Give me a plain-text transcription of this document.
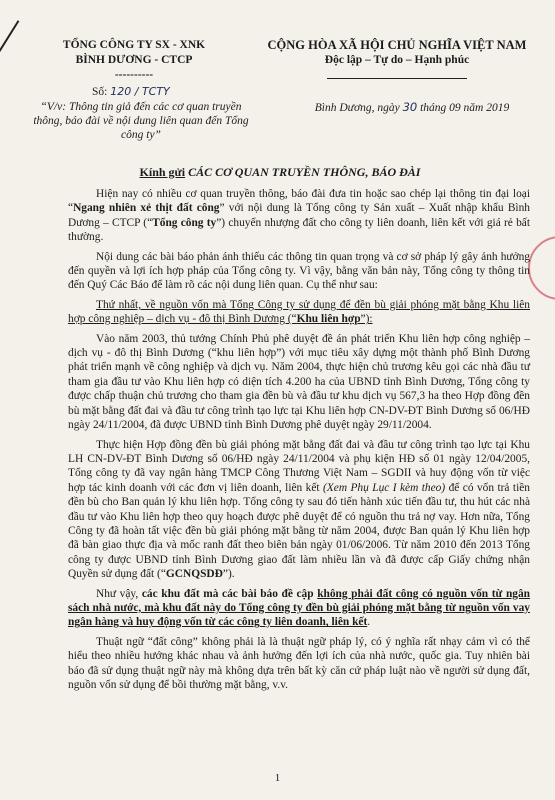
TỔNG CÔNG TY SX - XNK
BÌNH DƯƠNG - CTCP
----------
CỘNG HÒA XÃ HỘI CHỦ NGHĨA VIỆT NAM
Độc lập – Tự do – Hạnh phúc
Số: 120 / TCTY
“V/v: Thông tin giả đến các cơ quan truyền thông, báo đài về nội dung liên quan đến Tổng công ty”
Bình Dương, ngày 30 tháng 09 năm 2019
Kính gửi CÁC CƠ QUAN TRUYỀN THÔNG, BÁO ĐÀI

Hiện nay có nhiều cơ quan truyền thông, báo đài đưa tin hoặc sao chép lại thông tin đại loại “Ngang nhiên xẻ thịt đất công” với nội dung là Tổng công ty Sản xuất – Xuất nhập khẩu Bình Dương – CTCP (“Tổng công ty”) chuyển nhượng đất cho công ty liên doanh, liên kết với giá rẻ bất thường.

Nội dung các bài báo phản ánh thiếu các thông tin quan trọng và cơ sở pháp lý gây ảnh hưởng đến quyền và lợi ích hợp pháp của Tổng công ty. Vì vậy, bằng văn bản này, Tổng công ty thông tin đến Quý Các Báo để làm rõ các nội dung liên quan. Cụ thể như sau:

Thứ nhất, về nguồn vốn mà Tổng Công ty sử dụng để đền bù giải phóng mặt bằng Khu liên hợp công nghiệp – dịch vụ - đô thị Bình Dương (“Khu liên hợp”):

Vào năm 2003, thủ tướng Chính Phủ phê duyệt đề án phát triển Khu liên hợp công nghiệp – dịch vụ - đô thị Bình Dương (“khu liên hợp”) với mục tiêu xây dựng một thành phố Bình Dương phát triển mạnh về công nghiệp và dịch vụ. Năm 2004, thực hiện chủ trương kêu gọi các nhà đầu tư tham gia đầu tư vào Khu liên hợp có diện tích 4.200 ha của UBND tỉnh Bình Dương, Tổng công ty được chấp thuận chủ trương cho tham gia đền bù và đầu tư khu dịch vụ 567,3 ha theo Hợp đồng đền bù mặt bằng đất đai và đầu tư công trình tạo lực tại Khu liên hợp CN-DV-ĐT Bình Dương số 06/HĐ ngày 24/11/2004, đã được UBND tỉnh Bình Dương phê duyệt ngày 29/11/2004.

Thực hiện Hợp đồng đền bù giải phóng mặt bằng đất đai và đầu tư công trình tạo lực tại Khu LH CN-DV-ĐT Bình Dương số 06/HĐ ngày 24/11/2004 và phụ kiện HĐ số 01 ngày 12/04/2005, Tổng công ty đã vay ngân hàng TMCP Công Thương Việt Nam – SGDII và huy động vốn từ việc hợp tác kinh doanh với các đơn vị liên doanh, liên kết (Xem Phụ Lục I kèm theo) để có vốn trả tiền đền bù cho Ban quản lý khu liên hợp. Tổng công ty sau đó tiến hành xúc tiến đầu tư, thu hút các nhà đầu tư vào Khu liên hợp theo quy hoạch được phê duyệt để có nguồn thu trả nợ vay. Hơn nữa, Tổng Công ty đã hoàn tất việc đền bù giải phóng mặt bằng từ năm 2004, được Ban quản lý Khu liên hợp đã bàn giao thực địa và mốc ranh đất theo biên bản ngày 01/06/2006. Từ năm 2010 đến 2013 Tổng công ty được UBND tỉnh Bình Dương giao đất làm nhiều lần và đã được cấp Giấy chứng nhận Quyền sử dụng đất (“GCNQSDĐ”).

Như vậy, các khu đất mà các bài báo đề cập không phải đất công có nguồn vốn từ ngân sách nhà nước, mà khu đất này do Tổng công ty đền bù giải phóng mặt bằng từ nguồn vốn vay ngân hàng và huy động vốn từ các công ty liên doanh, liên kết.

Thuật ngữ “đất công” không phải là là thuật ngữ pháp lý, có ý nghĩa rất nhạy cảm vì có thể hiểu theo nhiều hướng khác nhau và ảnh hưởng đến lợi ích của nhà nước, quốc gia. Tuy nhiên bài báo đã sử dụng thuật ngữ này mà không dựa trên bất kỳ căn cứ pháp luật nào về người sử dụng đất, nguồn vốn sử dụng để bồi thường mặt bằng, v.v.

1
